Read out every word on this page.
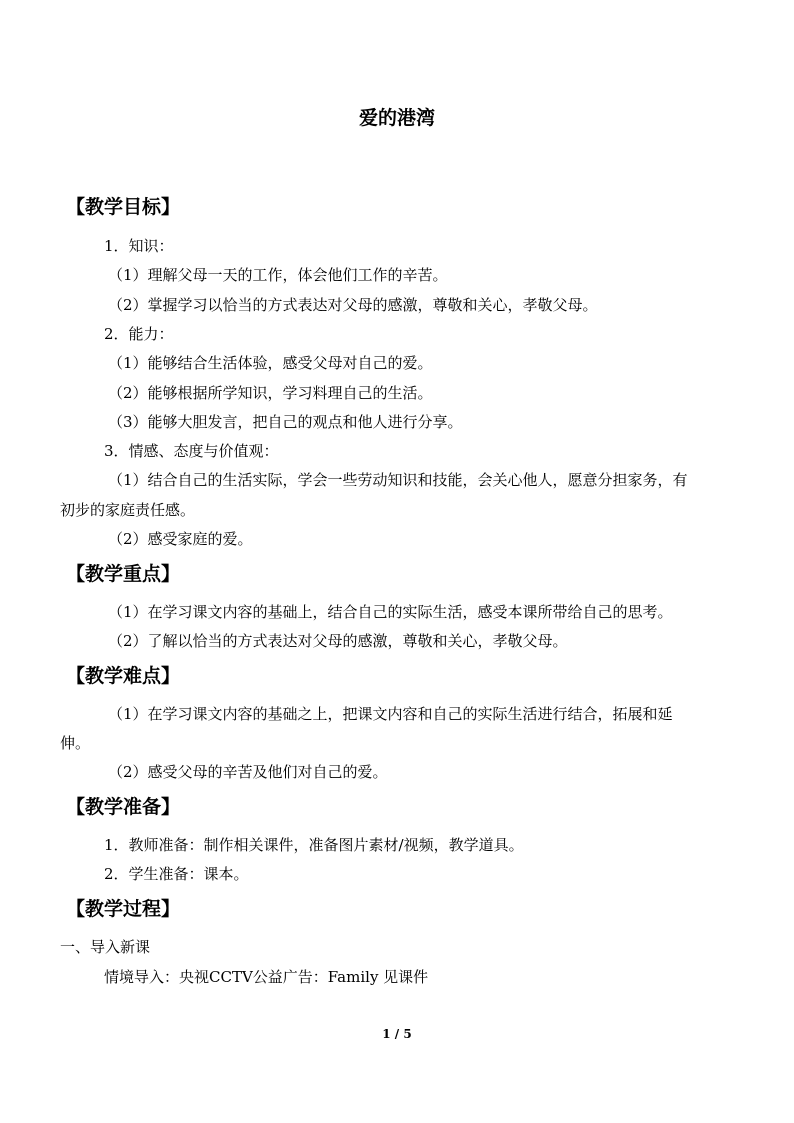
爱的港湾
【教学目标】
1．知识：
（1）理解父母一天的工作，体会他们工作的辛苦。
（2）掌握学习以恰当的方式表达对父母的感激，尊敬和关心，孝敬父母。
2．能力：
（1）能够结合生活体验，感受父母对自己的爱。
（2）能够根据所学知识，学习料理自己的生活。
（3）能够大胆发言，把自己的观点和他人进行分享。
3．情感、态度与价值观：
（1）结合自己的生活实际，学会一些劳动知识和技能，会关心他人，愿意分担家务，有
初步的家庭责任感。
（2）感受家庭的爱。
【教学重点】
（1）在学习课文内容的基础上，结合自己的实际生活，感受本课所带给自己的思考。
（2）了解以恰当的方式表达对父母的感激，尊敬和关心，孝敬父母。
【教学难点】
（1）在学习课文内容的基础之上，把课文内容和自己的实际生活进行结合，拓展和延
伸。
（2）感受父母的辛苦及他们对自己的爱。
【教学准备】
1．教师准备：制作相关课件，准备图片素材/视频，教学道具。
2．学生准备：课本。
【教学过程】
一、导入新课
情境导入：央视CCTV公益广告：Family 见课件
1 / 5
